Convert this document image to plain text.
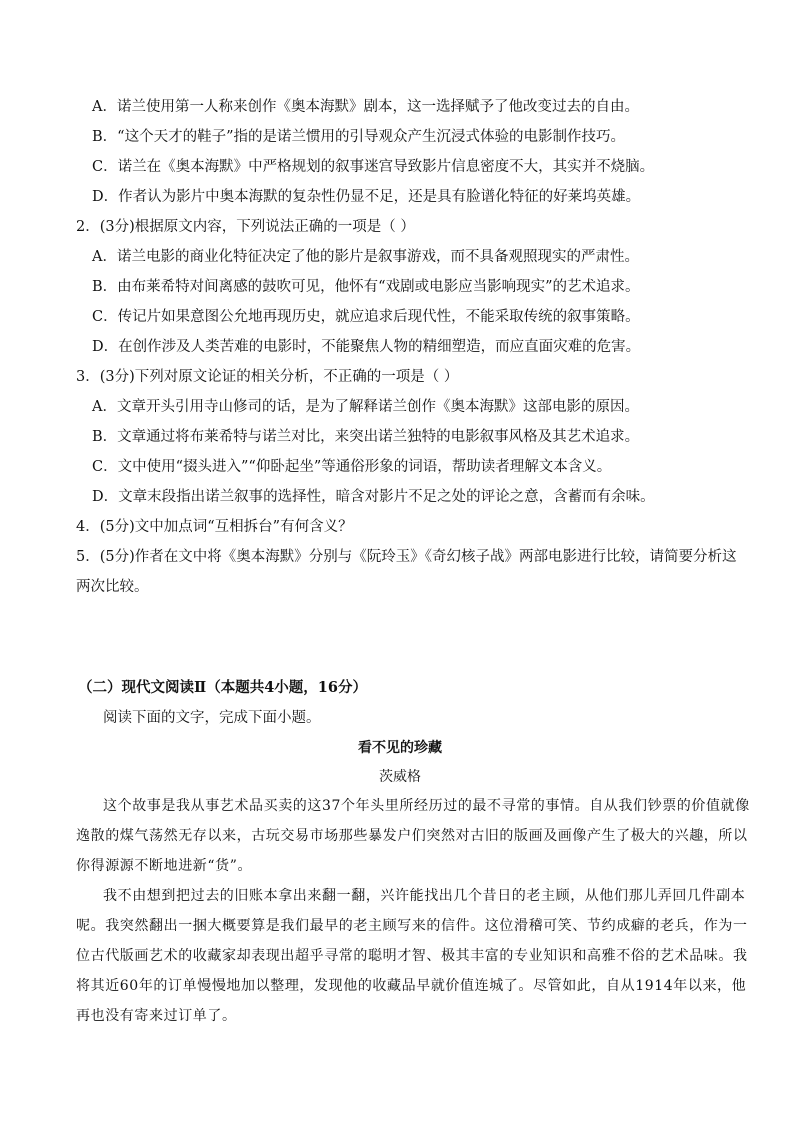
A．诺兰使用第一人称来创作《奥本海默》剧本，这一选择赋予了他改变过去的自由。
B．“这个天才的鞋子”指的是诺兰惯用的引导观众产生沉浸式体验的电影制作技巧。
C．诺兰在《奥本海默》中严格规划的叙事迷宫导致影片信息密度不大，其实并不烧脑。
D．作者认为影片中奥本海默的复杂性仍显不足，还是具有脸谱化特征的好莱坞英雄。
2．(3分)根据原文内容，下列说法正确的一项是（ ）
A．诺兰电影的商业化特征决定了他的影片是叙事游戏，而不具备观照现实的严肃性。
B．由布莱希特对间离感的鼓吹可见，他怀有“戏剧或电影应当影响现实”的艺术追求。
C．传记片如果意图公允地再现历史，就应追求后现代性，不能采取传统的叙事策略。
D．在创作涉及人类苦难的电影时，不能聚焦人物的精细塑造，而应直面灾难的危害。
3．(3分)下列对原文论证的相关分析，不正确的一项是（ ）
A．文章开头引用寺山修司的话，是为了解释诺兰创作《奥本海默》这部电影的原因。
B．文章通过将布莱希特与诺兰对比，来突出诺兰独特的电影叙事风格及其艺术追求。
C．文中使用“掇头进入”“仰卧起坐”等通俗形象的词语，帮助读者理解文本含义。
D．文章末段指出诺兰叙事的选择性，暗含对影片不足之处的评论之意，含蓄而有余味。
4．(5分)文中加点词“互相拆台”有何含义？
5．(5分)作者在文中将《奥本海默》分别与《阮玲玉》《奇幻核子战》两部电影进行比较，请简要分析这
两次比较。
（二）现代文阅读Ⅱ（本题共4小题，16分）
阅读下面的文字，完成下面小题。
看不见的珍藏
茨威格
这个故事是我从事艺术品买卖的这37个年头里所经历过的最不寻常的事情。自从我们钞票的价值就像
逸散的煤气荡然无存以来，古玩交易市场那些暴发户们突然对古旧的版画及画像产生了极大的兴趣，所以
你得源源不断地进新“货”。
我不由想到把过去的旧账本拿出来翻一翻，兴许能找出几个昔日的老主顾，从他们那儿弄回几件副本
呢。我突然翻出一捆大概要算是我们最早的老主顾写来的信件。这位滑稽可笑、节约成癖的老兵，作为一
位古代版画艺术的收藏家却表现出超乎寻常的聪明才智、极其丰富的专业知识和高雅不俗的艺术品味。我
将其近60年的订单慢慢地加以整理，发现他的收藏品早就价值连城了。尽管如此，自从1914年以来，他
再也没有寄来过订单了。
